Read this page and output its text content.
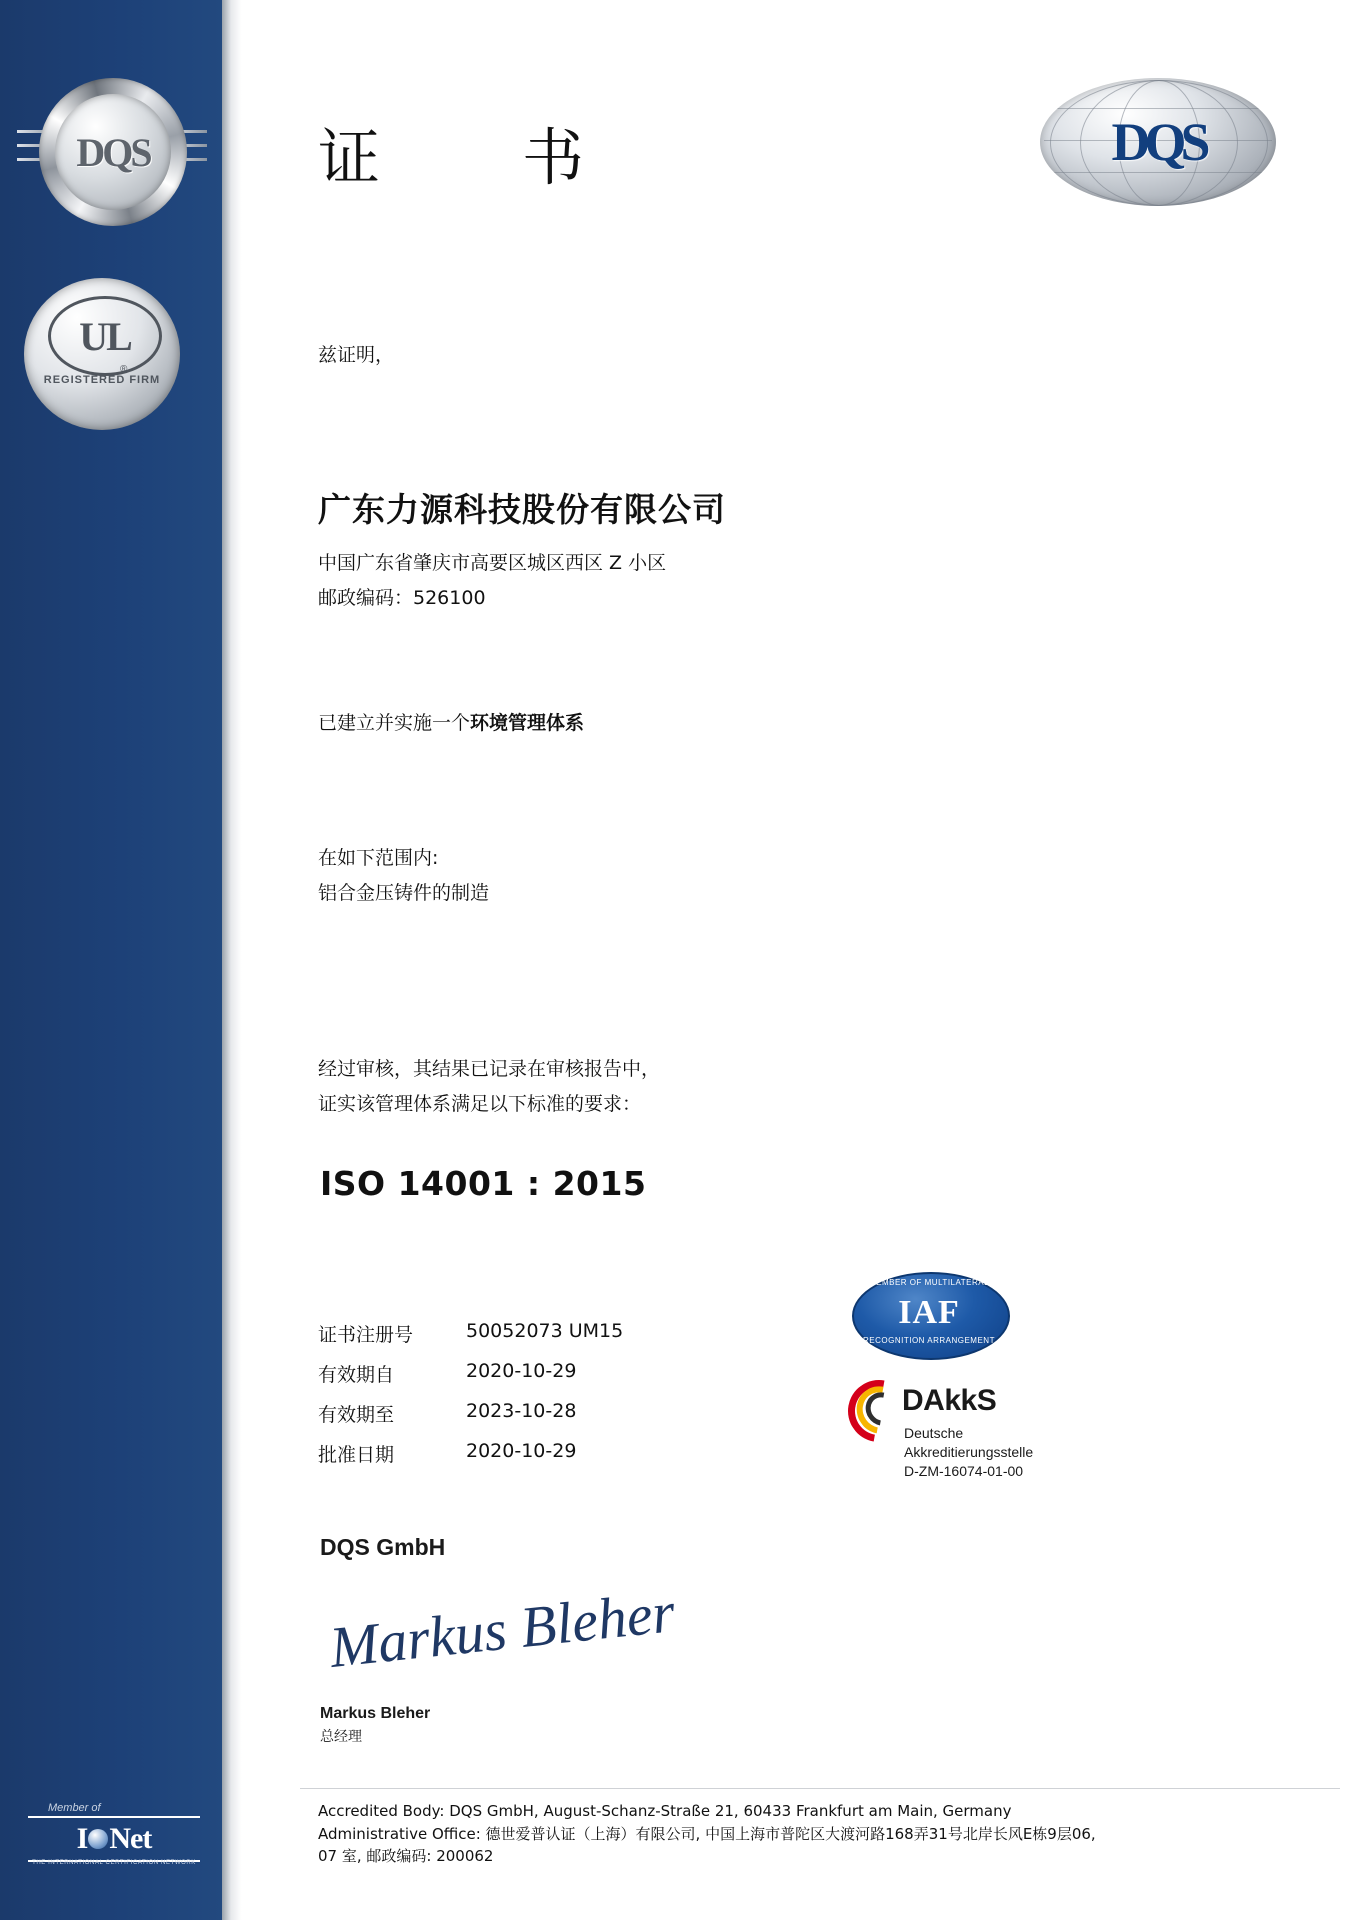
DQS
UL
®
REGISTERED FIRM
Member of
I Net
THE INTERNATIONAL CERTIFICATION NETWORK
DQS
证　书
兹证明，
广东力源科技股份有限公司
中国广东省肇庆市高要区城区西区 Z 小区
邮政编码：526100
已建立并实施一个环境管理体系
在如下范围内:
铝合金压铸件的制造
经过审核，其结果已记录在审核报告中，
证实该管理体系满足以下标准的要求：
ISO 14001 : 2015
证书注册号	50052073 UM15
有效期自	2020-10-29
有效期至	2023-10-28
批准日期	2020-10-29
MEMBER OF MULTILATERAL
IAF
RECOGNITION ARRANGEMENT
DAkkS
Deutsche
Akkreditierungsstelle
D-ZM-16074-01-00
DQS GmbH
Markus Bleher
Markus Bleher
总经理
Accredited Body: DQS GmbH, August-Schanz-Straße 21, 60433 Frankfurt am Main, Germany
Administrative Office: 德世爱普认证（上海）有限公司, 中国上海市普陀区大渡河路168弄31号北岸长风E栋9层06,
07 室, 邮政编码: 200062
